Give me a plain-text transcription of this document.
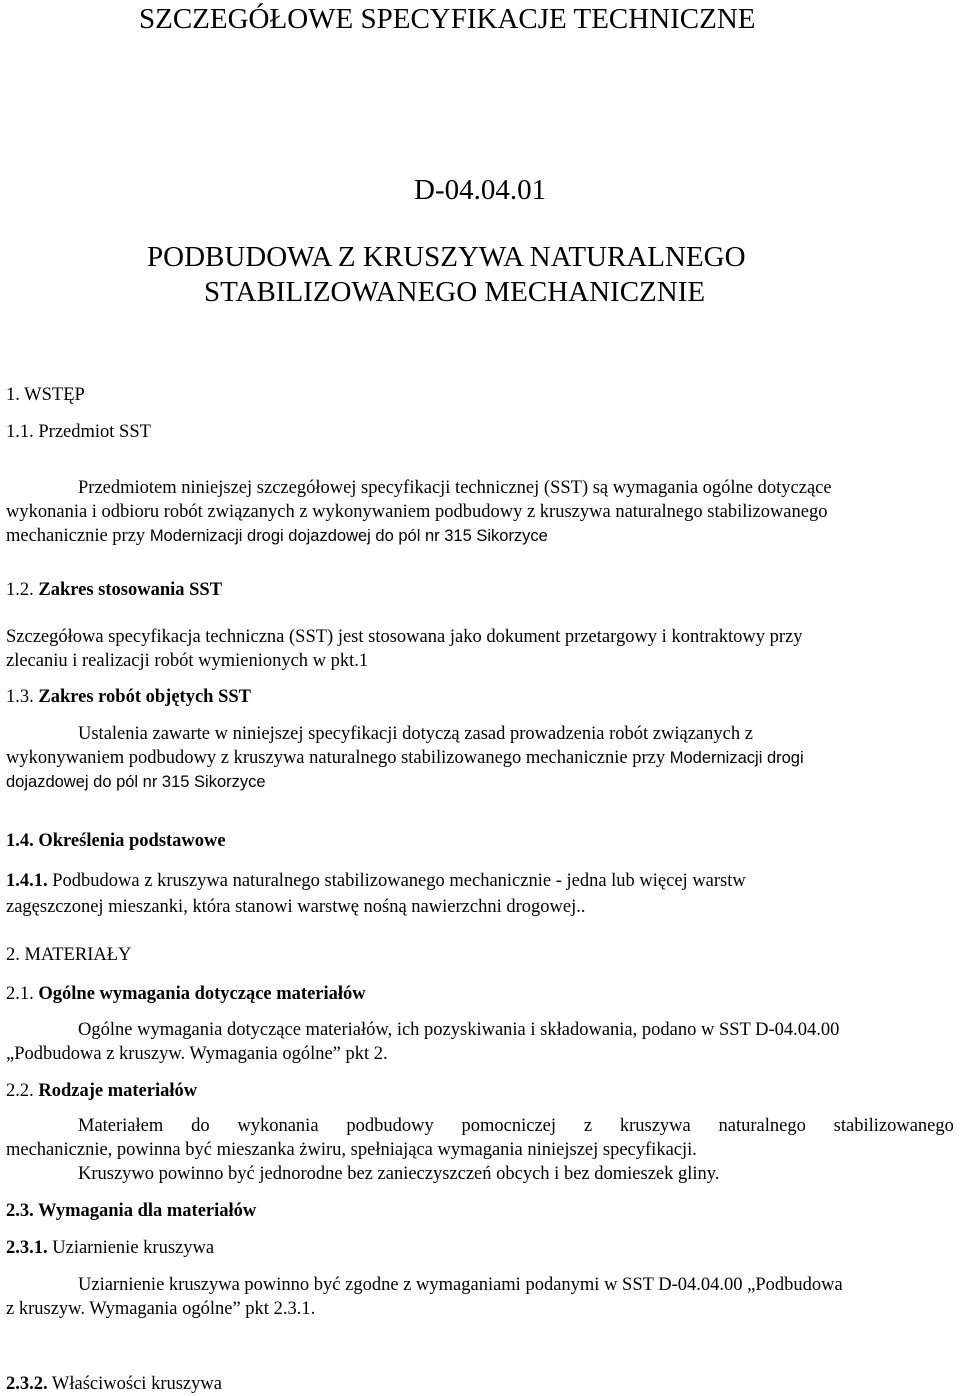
SZCZEGÓŁOWE SPECYFIKACJE TECHNICZNE
D-04.04.01
PODBUDOWA Z KRUSZYWA NATURALNEGO
STABILIZOWANEGO MECHANICZNIE
1. WSTĘP
1.1. Przedmiot SST
Przedmiotem niniejszej szczegółowej specyfikacji technicznej (SST) są wymagania ogólne dotyczące
wykonania i odbioru robót związanych z wykonywaniem podbudowy z kruszywa naturalnego stabilizowanego
mechanicznie przy Modernizacji drogi dojazdowej do pól nr 315 Sikorzyce
1.2. Zakres stosowania SST
Szczegółowa specyfikacja techniczna (SST) jest stosowana jako dokument przetargowy i kontraktowy przy
zlecaniu i realizacji robót wymienionych w pkt.1
1.3. Zakres robót objętych SST
Ustalenia zawarte w niniejszej specyfikacji dotyczą zasad prowadzenia robót związanych z
wykonywaniem podbudowy z kruszywa naturalnego stabilizowanego mechanicznie przy Modernizacji drogi
dojazdowej do pól nr 315 Sikorzyce
1.4. Określenia podstawowe
1.4.1. Podbudowa z kruszywa naturalnego stabilizowanego mechanicznie - jedna lub więcej warstw
zagęszczonej mieszanki, która stanowi warstwę nośną nawierzchni drogowej..
2. MATERIAŁY
2.1. Ogólne wymagania dotyczące materiałów
Ogólne wymagania dotyczące materiałów, ich pozyskiwania i składowania, podano w SST D-04.04.00
„Podbudowa z kruszyw. Wymagania ogólne” pkt 2.
2.2. Rodzaje materiałów
Materiałem do wykonania podbudowy pomocniczej z kruszywa naturalnego stabilizowanego
mechanicznie, powinna być mieszanka żwiru, spełniająca wymagania niniejszej specyfikacji.
Kruszywo powinno być jednorodne bez zanieczyszczeń obcych i bez domieszek gliny.
2.3. Wymagania dla materiałów
2.3.1. Uziarnienie kruszywa
Uziarnienie kruszywa powinno być zgodne z wymaganiami podanymi w SST D-04.04.00 „Podbudowa
z kruszyw. Wymagania ogólne” pkt 2.3.1.
2.3.2. Właściwości kruszywa
